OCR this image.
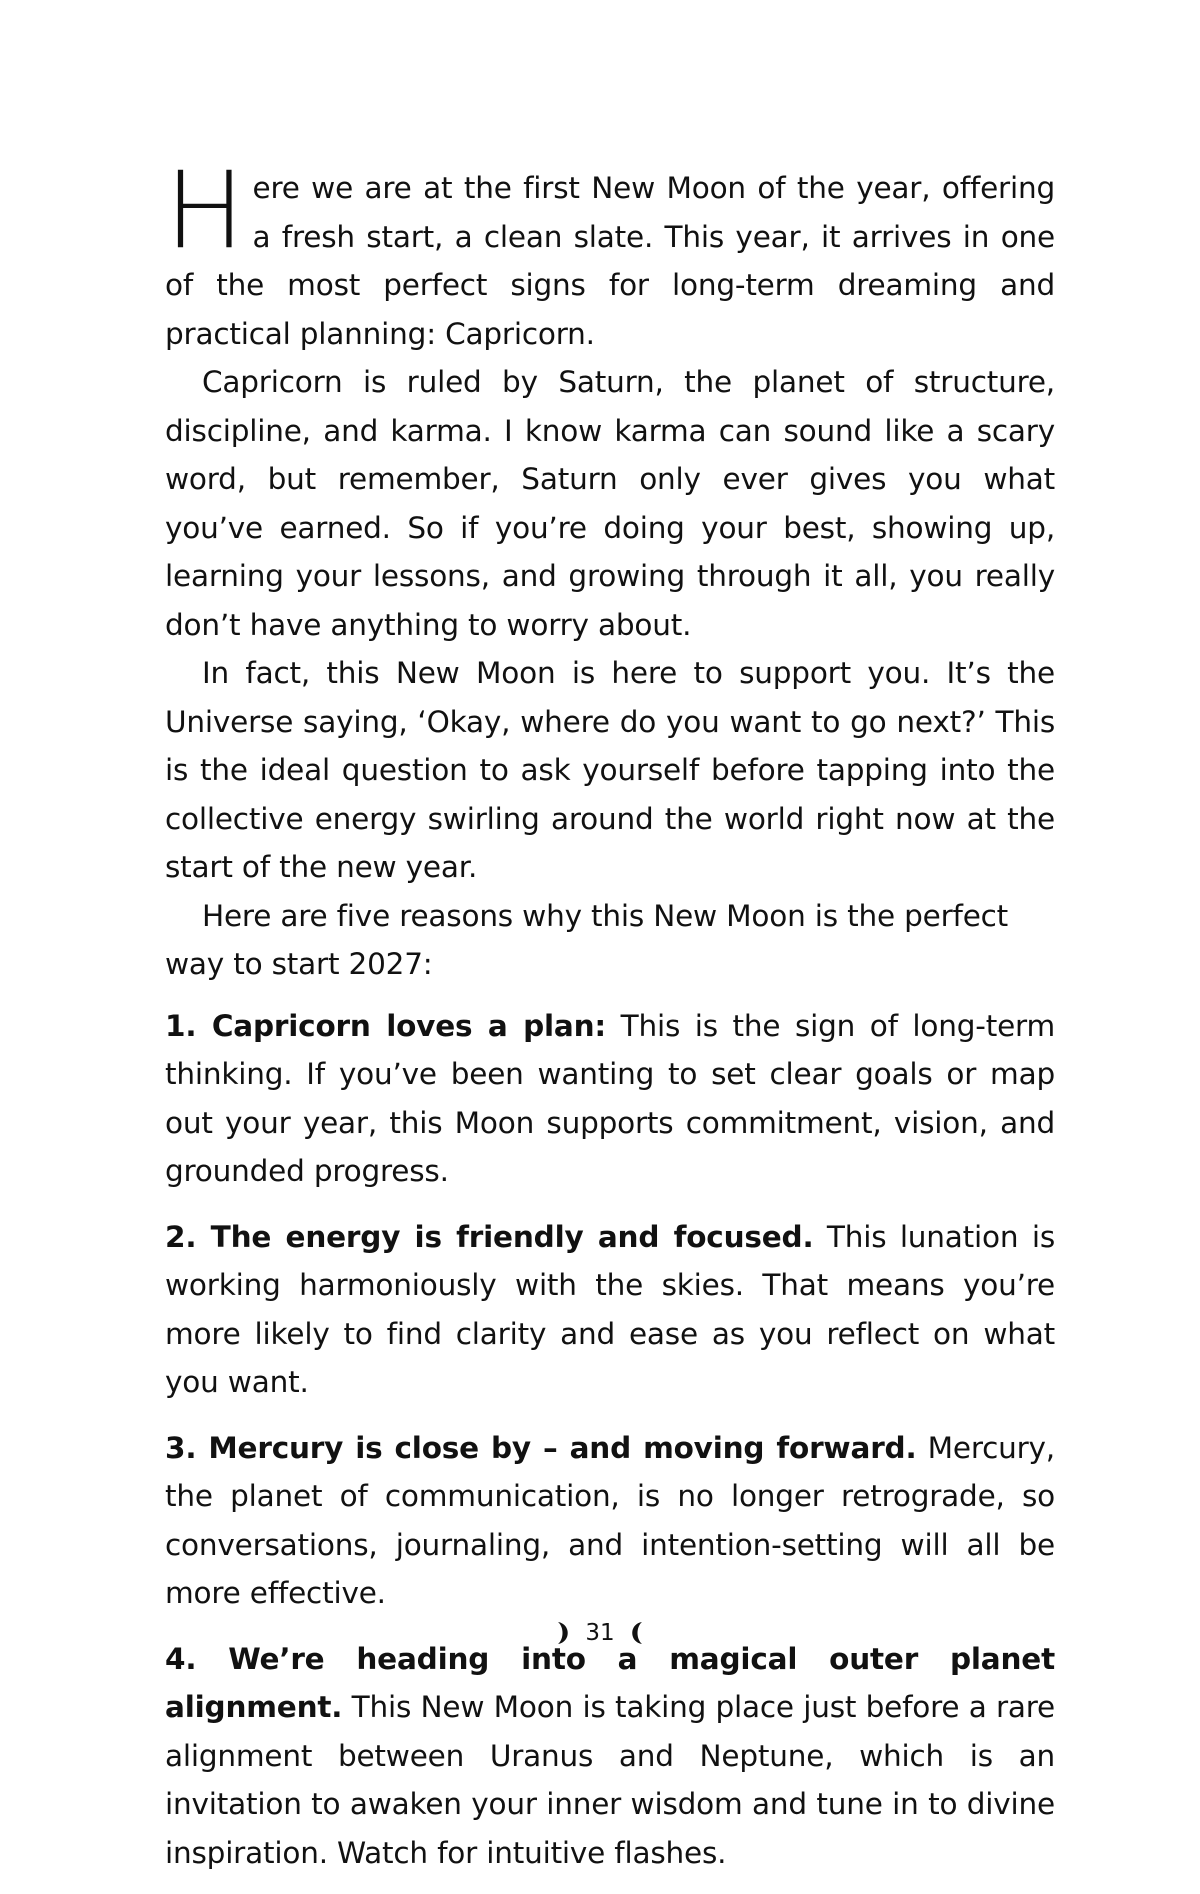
Here we are at the first New Moon of the year, offering a fresh start, a clean slate. This year, it arrives in one of the most perfect signs for long-term dreaming and practical planning: Capricorn.

Capricorn is ruled by Saturn, the planet of structure, discipline, and karma. I know karma can sound like a scary word, but remember, Saturn only ever gives you what you’ve earned. So if you’re doing your best, showing up, learning your lessons, and growing through it all, you really don’t have anything to worry about.

In fact, this New Moon is here to support you. It’s the Universe saying, ‘Okay, where do you want to go next?’ This is the ideal question to ask yourself before tapping into the collective energy swirling around the world right now at the start of the new year.

Here are five reasons why this New Moon is the perfect way to start 2027:

1. Capricorn loves a plan: This is the sign of long-term thinking. If you’ve been wanting to set clear goals or map out your year, this Moon supports commitment, vision, and grounded progress.

2. The energy is friendly and focused. This lunation is working harmoniously with the skies. That means you’re more likely to find clarity and ease as you reflect on what you want.

3. Mercury is close by – and moving forward. Mercury, the planet of communication, is no longer retrograde, so conversations, journaling, and intention-setting will all be more effective.

4. We’re heading into a magical outer planet alignment. This New Moon is taking place just before a rare alignment between Uranus and Neptune, which is an invitation to awaken your inner wisdom and tune in to divine inspiration. Watch for intuitive flashes.

31
